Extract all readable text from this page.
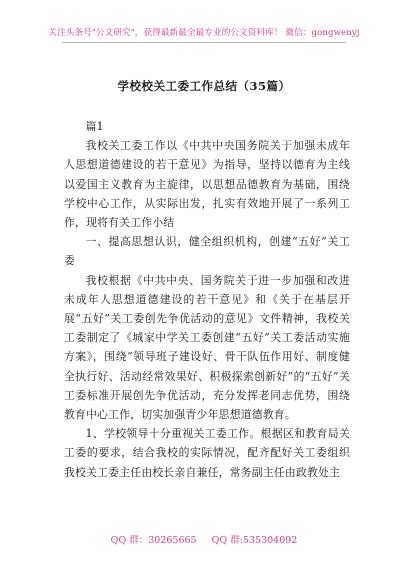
关注头条号"公文研究"，获得最新最全最专业的公文资料库！ 微信：gongwenyj
学校校关工委工作总结（35篇）

篇1

我校关工委工作以《中共中央国务院关于加强未成年人思想道德建设的若干意见》为指导，坚持以德育为主线以爱国主义教育为主旋律，以思想品德教育为基础，围绕学校中心工作，从实际出发，扎实有效地开展了一系列工作，现将有关工作小结

一、提高思想认识，健全组织机构，创建“五好”关工委

我校根据《中共中央、国务院关于进一步加强和改进未成年人思想道德建设的若干意见》和《关于在基层开展“五好”关工委创先争优活动的意见》文件精神，我校关工委制定了《城家中学关工委创建“五好”关工委活动实施方案》，围绕“领导班子建设好、骨干队伍作用好、制度健全执行好、活动经常效果好、积极探索创新好”的“五好”关工委标准开展创先争优活动，充分发挥老同志优势，围绕教育中心工作，切实加强青少年思想道德教育。

1、学校领导十分重视关工委工作。根据区和教育局关工委的要求，结合我校的实际情况，配齐配好关工委组织我校关工委主任由校长亲自兼任，常务副主任由政教处主

QQ 群：30265665 QQ 群:535304092
